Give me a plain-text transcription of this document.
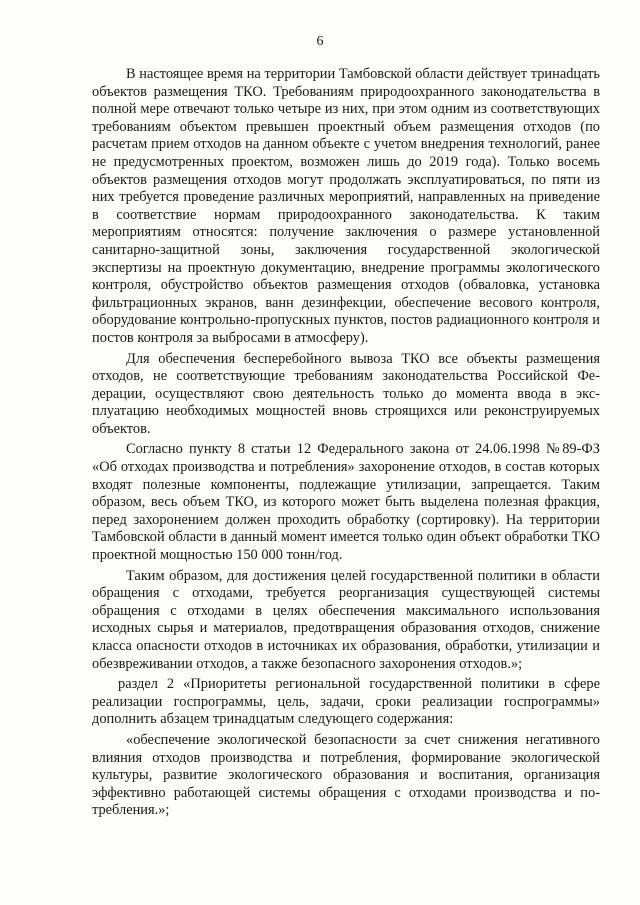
6

В настоящее время на территории Тамбовской области действует тринаdцать объектов размещения ТКО. Требованиям природоохранного законодательства в полной мере отвечают только четыре из них, при этом одним из соответствующих требованиям объектом превышен проектный объем размещения отходов (по расчетам прием отходов на данном объекте с учетом внедрения технологий, ранее не предусмотренных проектом, возможен лишь до 2019 года). Только восемь объектов размещения отходов могут продолжать эксплуатироваться, по пяти из них требуется проведение различных мероприятий, направленных на приведение в соответствие нормам природоохранного законодательства. К таким мероприятиям относятся: получение заключения о размере установленной санитарно-защитной зоны, заключения государственной экологической экспертизы на проектную документацию, внедрение программы экологического контроля, обустройство объектов размещения отходов (обваловка, установка фильтрационных экранов, ванн дезинфекции, обеспечение весового контроля, оборудование контрольно-пропускных пунктов, постов радиационного контроля и постов контроля за выбросами в атмосферу).

Для обеспечения бесперебойного вывоза ТКО все объекты размещения отходов, не соответствующие требованиям законодательства Российской Федерации, осуществляют свою деятельность только до момента ввода в эксплуатацию необходимых мощностей вновь строящихся или реконструируемых объектов.

Согласно пункту 8 статьи 12 Федерального закона от 24.06.1998 №89-ФЗ «Об отходах производства и потребления» захоронение отходов, в состав которых входят полезные компоненты, подлежащие утилизации, запрещается. Таким образом, весь объем ТКО, из которого может быть выделена полезная фракция, перед захоронением должен проходить обработку (сортировку). На территории Тамбовской области в данный момент имеется только один объект обработки ТКО проектной мощностью 150 000 тонн/год.

Таким образом, для достижения целей государственной политики в области обращения с отходами, требуется реорганизация существующей системы обращения с отходами в целях обеспечения максимального использования исходных сырья и материалов, предотвращения образования отходов, снижение класса опасности отходов в источниках их образования, обработки, утилизации и обезвреживании отходов, а также безопасного захоронения отходов.»;

раздел 2 «Приоритеты региональной государственной политики в сфере реализации госпрограммы, цель, задачи, сроки реализации госпрограммы» дополнить абзацем тринадцатым следующего содержания:

«обеспечение экологической безопасности за счет снижения негативного влияния отходов производства и потребления, формирование экологической культуры, развитие экологического образования и воспитания, организация эффективно работающей системы обращения с отходами производства и потребления.»;
